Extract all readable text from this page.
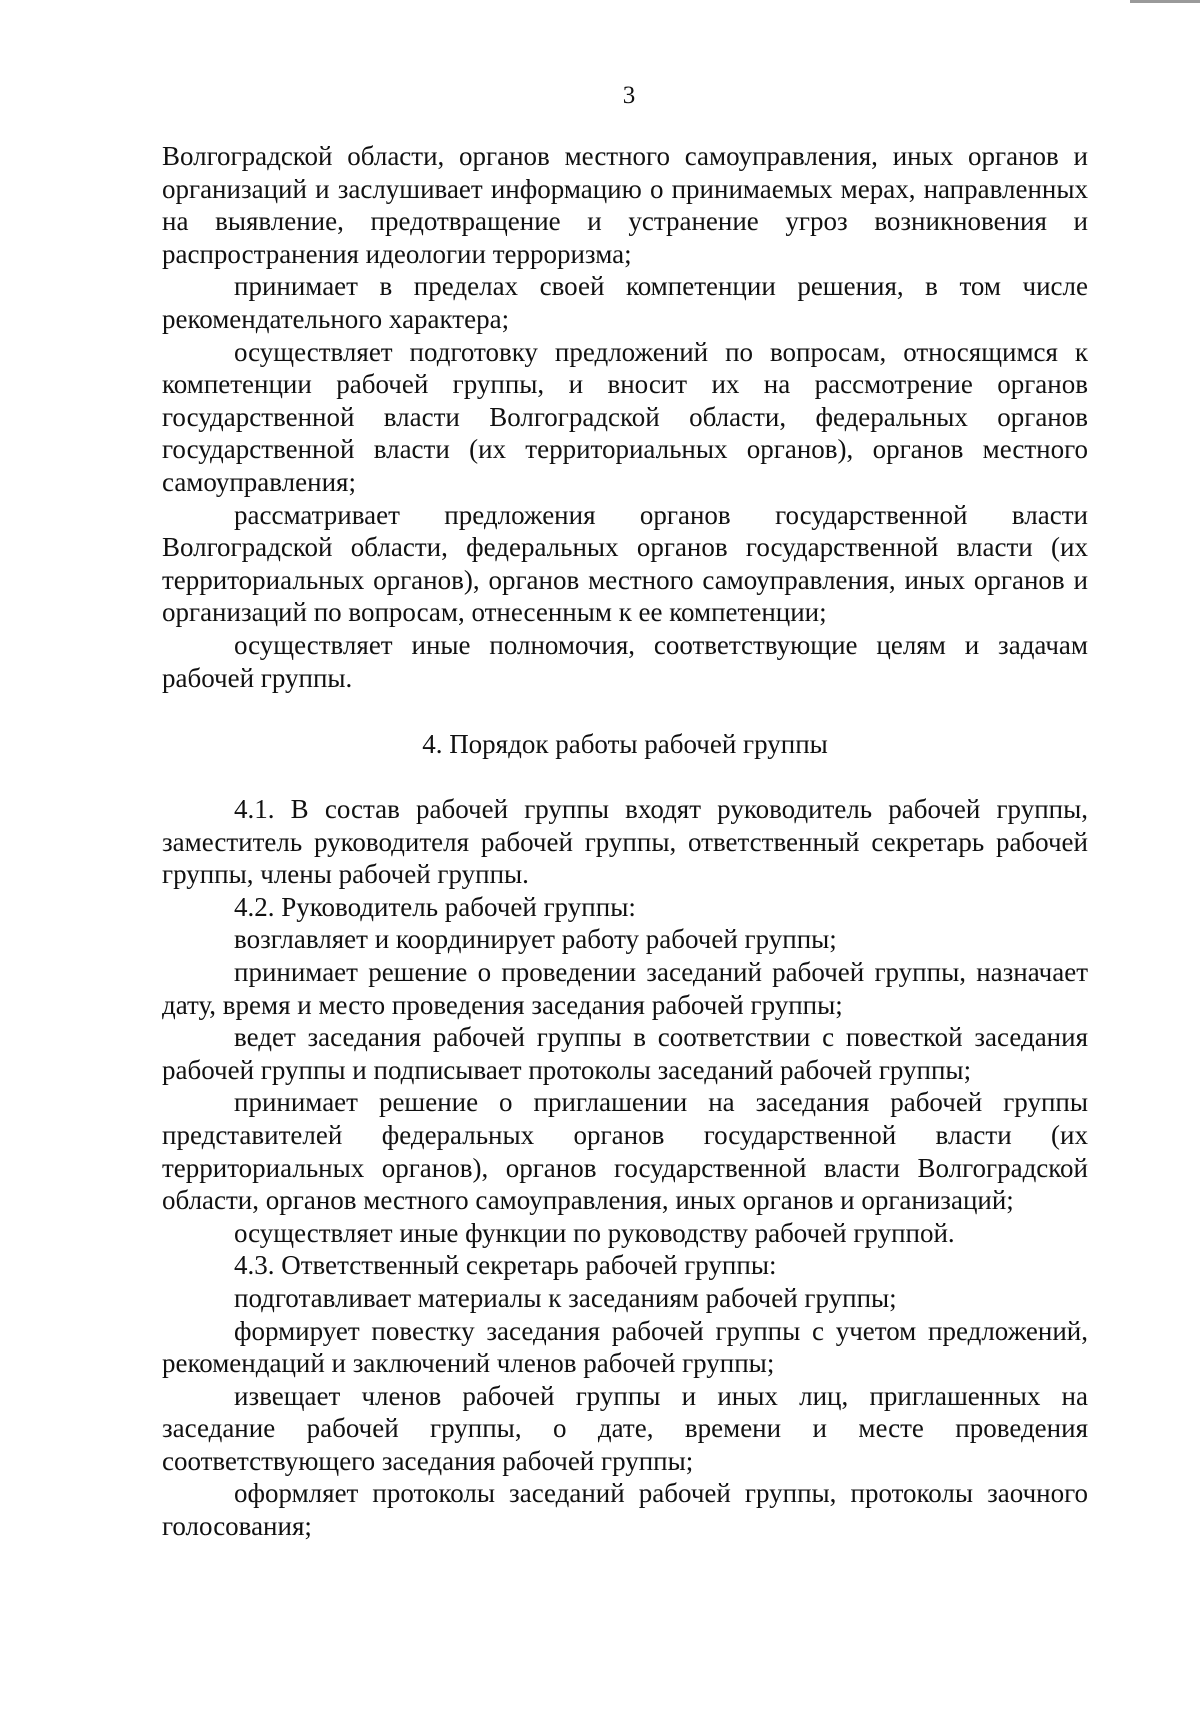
3

Волгоградской области, органов местного самоуправления, иных органов и организаций и заслушивает информацию о принимаемых мерах, направленных на выявление, предотвращение и устранение угроз возникновения и распространения идеологии терроризма;

принимает в пределах своей компетенции решения, в том числе рекомендательного характера;

осуществляет подготовку предложений по вопросам, относящимся к компетенции рабочей группы, и вносит их на рассмотрение органов государственной власти Волгоградской области, федеральных органов государственной власти (их территориальных органов), органов местного самоуправления;

рассматривает предложения органов государственной власти Волгоградской области, федеральных органов государственной власти (их территориальных органов), органов местного самоуправления, иных органов и организаций по вопросам, отнесенным к ее компетенции;

осуществляет иные полномочия, соответствующие целям и задачам рабочей группы.

4. Порядок работы рабочей группы

4.1. В состав рабочей группы входят руководитель рабочей группы, заместитель руководителя рабочей группы, ответственный секретарь рабочей группы, члены рабочей группы.

4.2. Руководитель рабочей группы:

возглавляет и координирует работу рабочей группы;

принимает решение о проведении заседаний рабочей группы, назначает дату, время и место проведения заседания рабочей группы;

ведет заседания рабочей группы в соответствии с повесткой заседания рабочей группы и подписывает протоколы заседаний рабочей группы;

принимает решение о приглашении на заседания рабочей группы представителей федеральных органов государственной власти (их территориальных органов), органов государственной власти Волгоградской области, органов местного самоуправления, иных органов и организаций;

осуществляет иные функции по руководству рабочей группой.

4.3. Ответственный секретарь рабочей группы:

подготавливает материалы к заседаниям рабочей группы;

формирует повестку заседания рабочей группы с учетом предложений, рекомендаций и заключений членов рабочей группы;

извещает членов рабочей группы и иных лиц, приглашенных на заседание рабочей группы, о дате, времени и месте проведения соответствующего заседания рабочей группы;

оформляет протоколы заседаний рабочей группы, протоколы заочного голосования;
